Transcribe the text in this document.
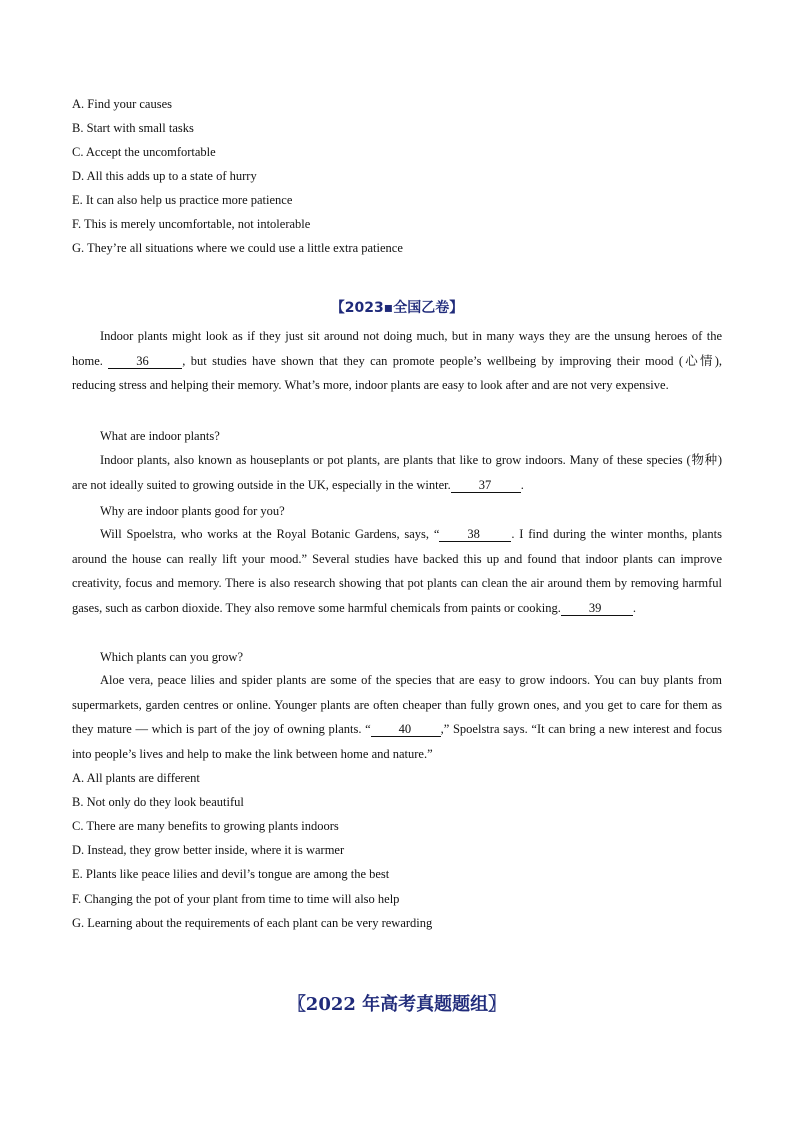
A. Find your causes
B. Start with small tasks
C. Accept the uncomfortable
D. All this adds up to a state of hurry
E. It can also help us practice more patience
F. This is merely uncomfortable, not intolerable
G. They’re all situations where we could use a little extra patience
【2023▪全国乙卷】
Indoor plants might look as if they just sit around not doing much, but in many ways they are the unsung heroes of the home. 36	, but studies have shown that they can promote people’s wellbeing by improving their mood (心情), reducing stress and helping their memory. What’s more, indoor plants are easy to look after and are not very expensive.
What are indoor plants?
Indoor plants, also known as houseplants or pot plants, are plants that like to grow indoors. Many of these species (物种) are not ideally suited to growing outside in the UK, especially in the winter. 37 .
Why are indoor plants good for you?
Will Spoelstra, who works at the Royal Botanic Gardens, says, “ 38	. I find during the winter months, plants around the house can really lift your mood.” Several studies have backed this up and found that indoor plants can improve creativity, focus and memory. There is also research showing that pot plants can clean the air around them by removing harmful gases, such as carbon dioxide. They also remove some harmful chemicals from paints or cooking. 39	.
Which plants can you grow?
Aloe vera, peace lilies and spider plants are some of the species that are easy to grow indoors. You can buy plants from supermarkets, garden centres or online. Younger plants are often cheaper than fully grown ones, and you get to care for them as they mature — which is part of the joy of owning plants. “ 40 ,” Spoelstra says. “It can bring a new interest and focus into people’s lives and help to make the link between home and nature.”
A. All plants are different
B. Not only do they look beautiful
C. There are many benefits to growing plants indoors
D. Instead, they grow better inside, where it is warmer
E. Plants like peace lilies and devil’s tongue are among the best
F. Changing the pot of your plant from time to time will also help
G. Learning about the requirements of each plant can be very rewarding
〖2022 年高考真题题组〗
